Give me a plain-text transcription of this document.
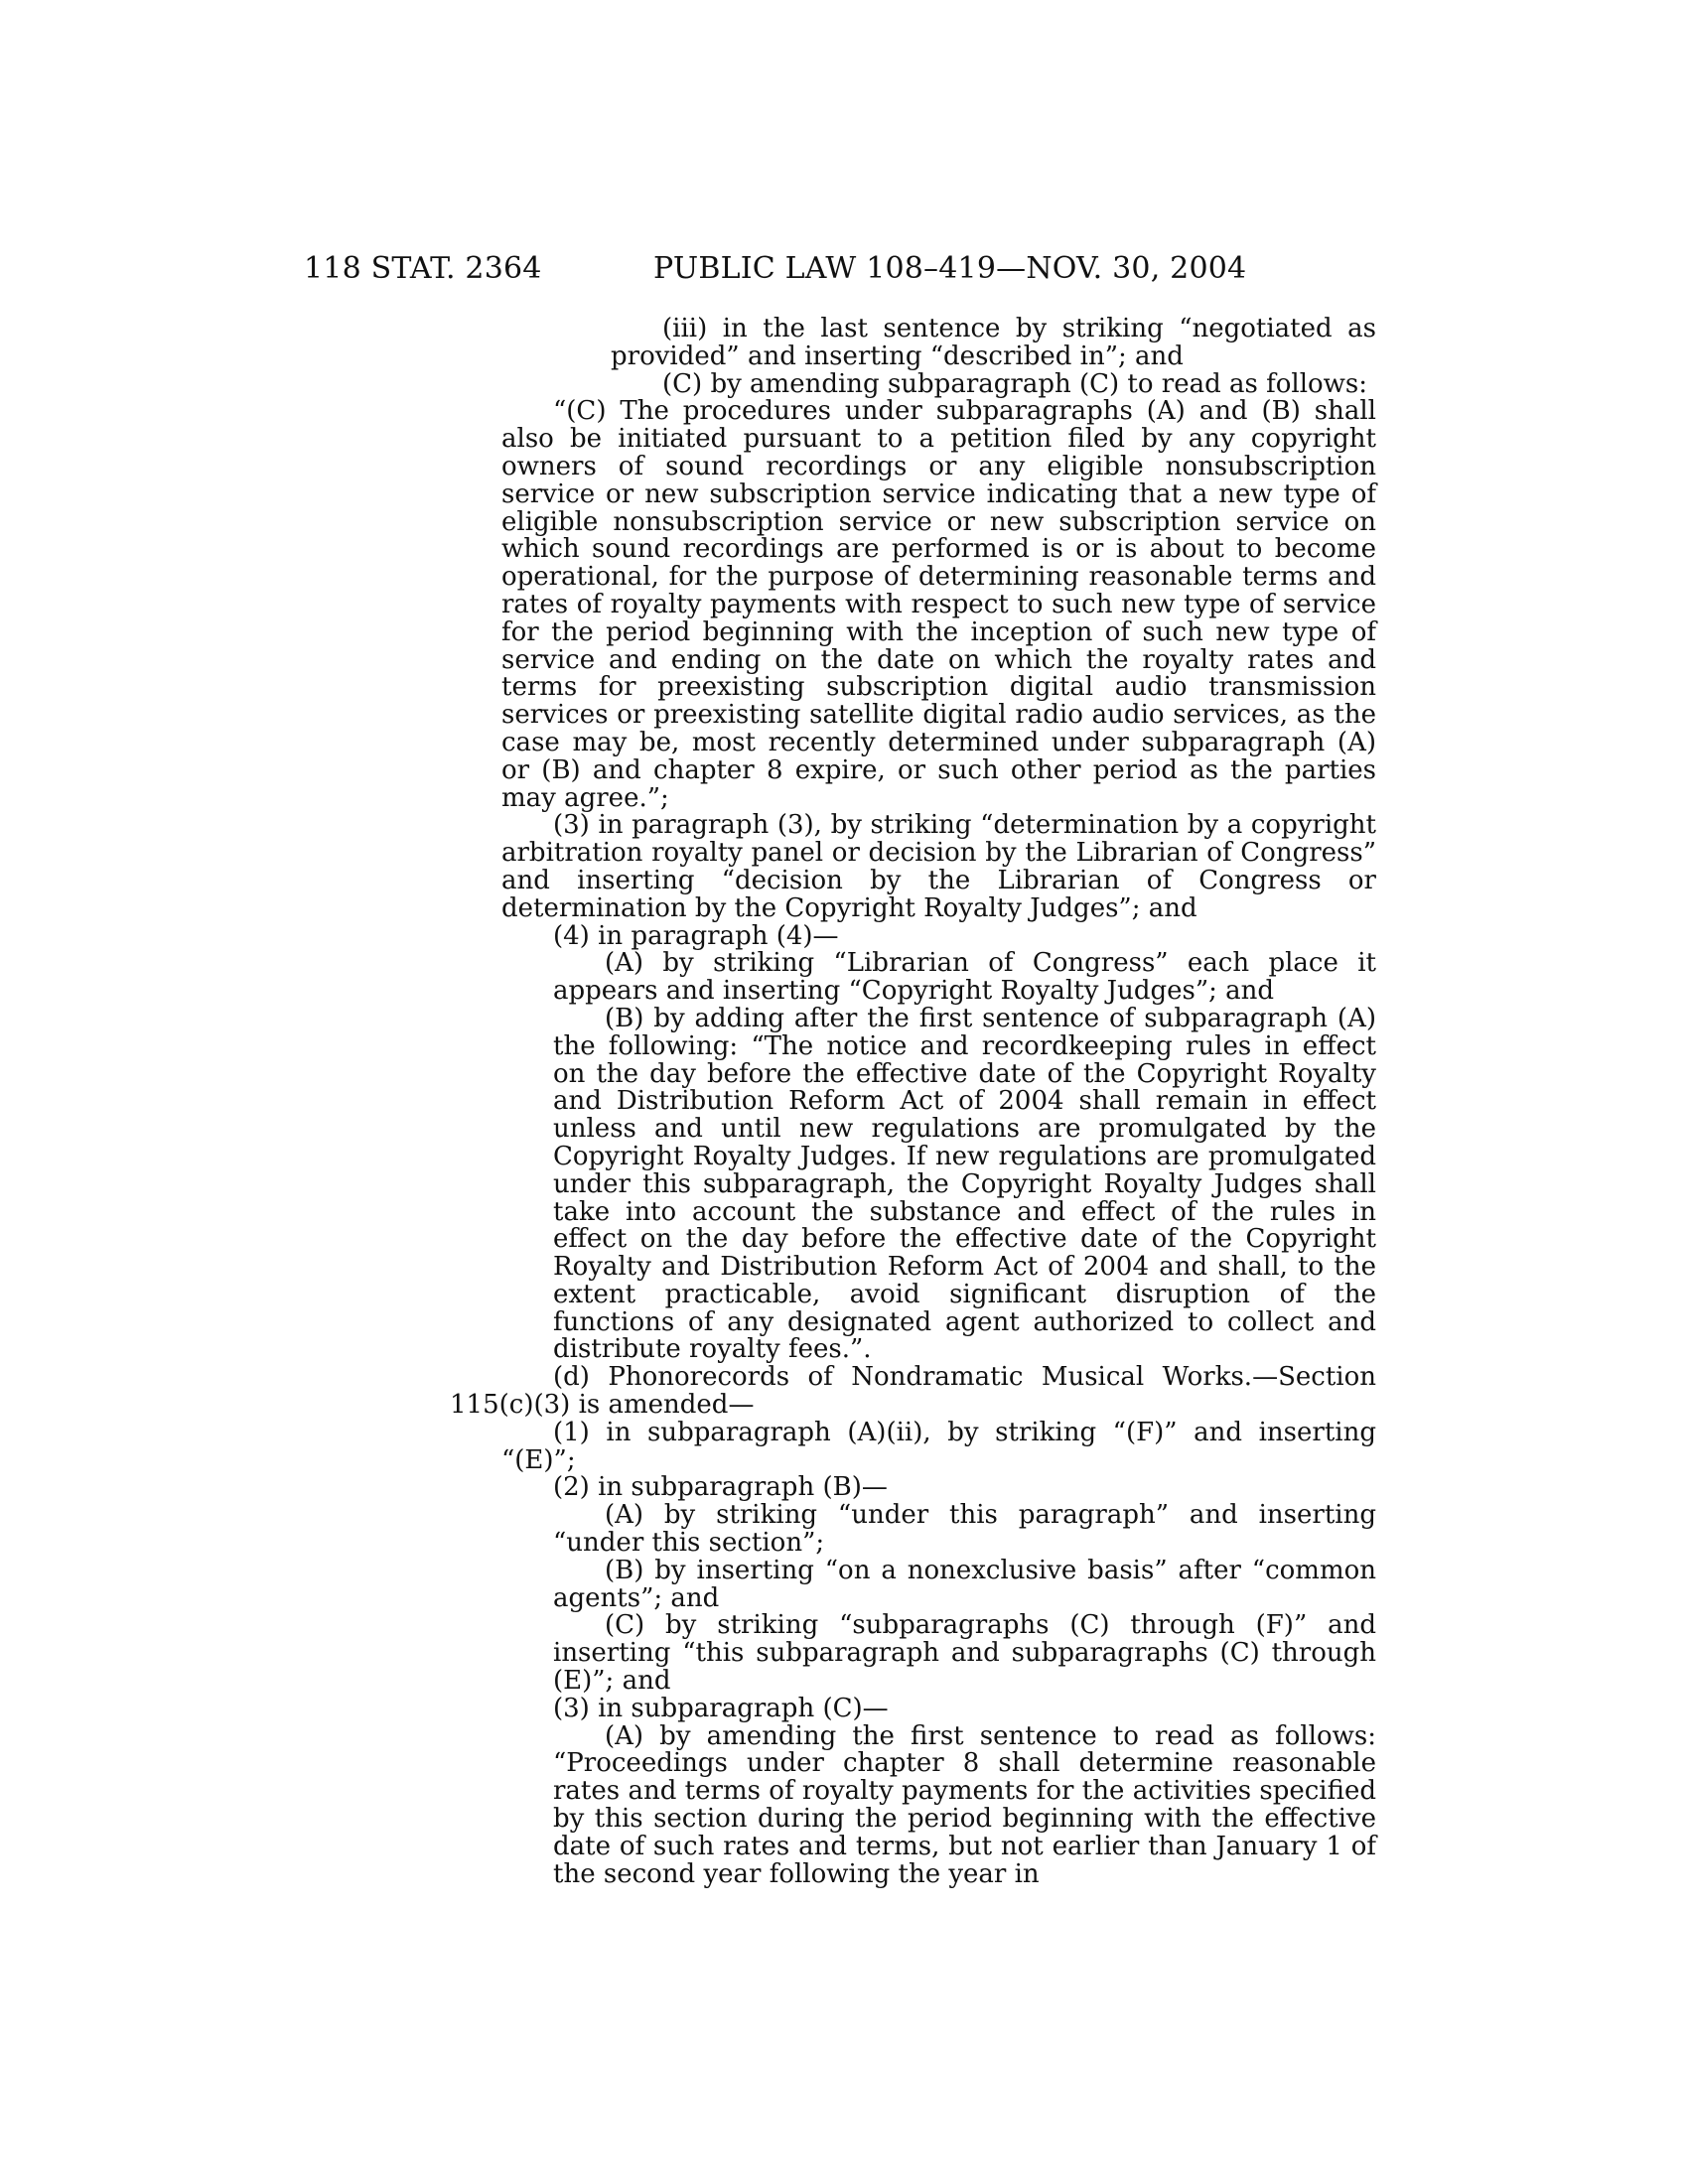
118 STAT. 2364	PUBLIC LAW 108–419—NOV. 30, 2004

(iii) in the last sentence by striking “negotiated as provided” and inserting “described in”; and

(C) by amending subparagraph (C) to read as follows:

“(C) The procedures under subparagraphs (A) and (B) shall also be initiated pursuant to a petition filed by any copyright owners of sound recordings or any eligible nonsubscription service or new subscription service indicating that a new type of eligible nonsubscription service or new subscription service on which sound recordings are performed is or is about to become operational, for the purpose of determining reasonable terms and rates of royalty payments with respect to such new type of service for the period beginning with the inception of such new type of service and ending on the date on which the royalty rates and terms for preexisting subscription digital audio transmission services or preexisting satellite digital radio audio services, as the case may be, most recently determined under subparagraph (A) or (B) and chapter 8 expire, or such other period as the parties may agree.”;

(3) in paragraph (3), by striking “determination by a copyright arbitration royalty panel or decision by the Librarian of Congress” and inserting “decision by the Librarian of Congress or determination by the Copyright Royalty Judges”; and

(4) in paragraph (4)—

(A) by striking “Librarian of Congress” each place it appears and inserting “Copyright Royalty Judges”; and

(B) by adding after the first sentence of subparagraph (A) the following: “The notice and recordkeeping rules in effect on the day before the effective date of the Copyright Royalty and Distribution Reform Act of 2004 shall remain in effect unless and until new regulations are promulgated by the Copyright Royalty Judges. If new regulations are promulgated under this subparagraph, the Copyright Royalty Judges shall take into account the substance and effect of the rules in effect on the day before the effective date of the Copyright Royalty and Distribution Reform Act of 2004 and shall, to the extent practicable, avoid significant disruption of the functions of any designated agent authorized to collect and distribute royalty fees.”.

(d) Phonorecords of Nondramatic Musical Works.—Section 115(c)(3) is amended—

(1) in subparagraph (A)(ii), by striking “(F)” and inserting “(E)”;

(2) in subparagraph (B)—

(A) by striking “under this paragraph” and inserting “under this section”;

(B) by inserting “on a nonexclusive basis” after “common agents”; and

(C) by striking “subparagraphs (C) through (F)” and inserting “this subparagraph and subparagraphs (C) through (E)”; and

(3) in subparagraph (C)—

(A) by amending the first sentence to read as follows: “Proceedings under chapter 8 shall determine reasonable rates and terms of royalty payments for the activities specified by this section during the period beginning with the effective date of such rates and terms, but not earlier than January 1 of the second year following the year in
